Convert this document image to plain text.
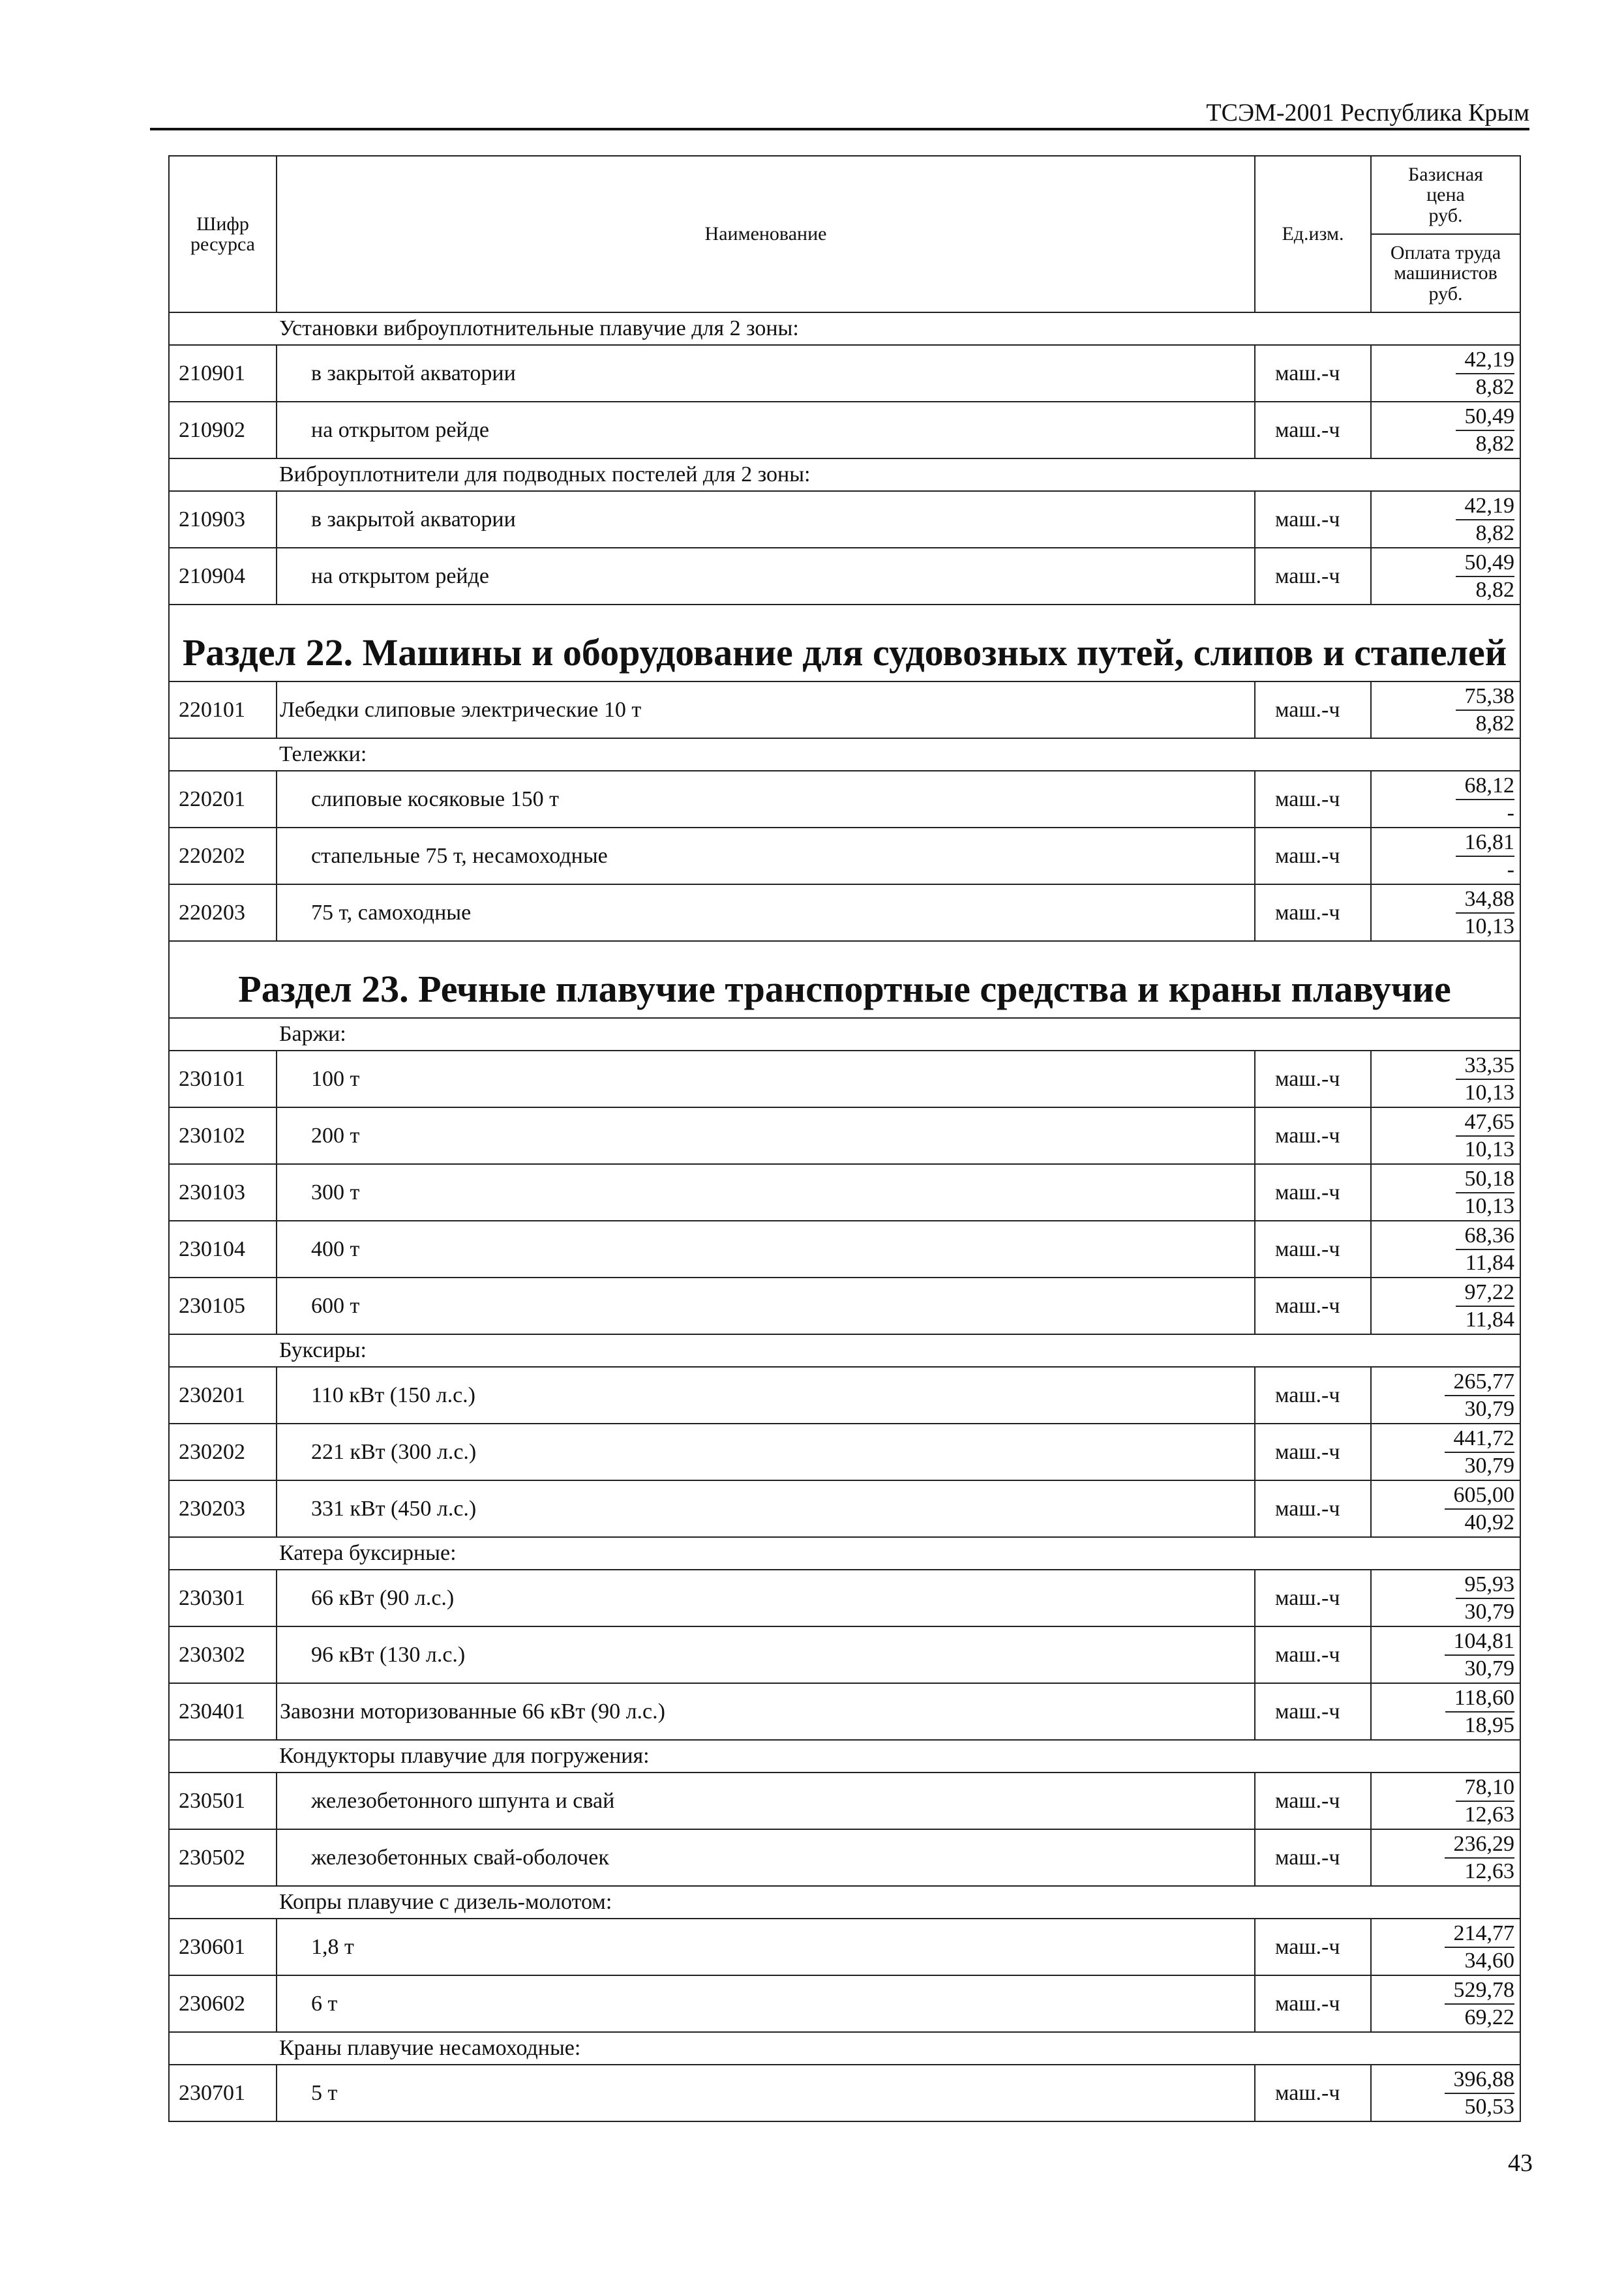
ТСЭМ-2001 Республика Крым
Шифр
ресурса	Наименование	Ед.изм.	Базисная
цена
руб.
			Оплата труда
машинистов
руб.
Установки виброуплотнительные плавучие для 2 зоны:			
210901	в закрытой акватории	маш.-ч	42,19
8,82

210902	на открытом рейде	маш.-ч	50,49
8,82

Виброуплотнители для подводных постелей для 2 зоны:			
210903	в закрытой акватории	маш.-ч	42,19
8,82

210904	на открытом рейде	маш.-ч	50,49
8,82

Раздел 22. Машины и оборудование для судовозных путей, слипов и стапелей			

220101	Лебедки слиповые электрические 10 т	маш.-ч	75,38
8,82

Тележки:			
220201	слиповые косяковые 150 т	маш.-ч	68,12
-

220202	стапельные 75 т, несамоходные	маш.-ч	16,81
-

220203	75 т, самоходные	маш.-ч	34,88
10,13

Раздел 23. Речные плавучие транспортные средства и краны плавучие			

Баржи:			
230101	100 т	маш.-ч	33,35
10,13

230102	200 т	маш.-ч	47,65
10,13

230103	300 т	маш.-ч	50,18
10,13

230104	400 т	маш.-ч	68,36
11,84

230105	600 т	маш.-ч	97,22
11,84

Буксиры:			
230201	110 кВт (150 л.с.)	маш.-ч	265,77
30,79

230202	221 кВт (300 л.с.)	маш.-ч	441,72
30,79

230203	331 кВт (450 л.с.)	маш.-ч	605,00
40,92

Катера буксирные:			
230301	66 кВт (90 л.с.)	маш.-ч	95,93
30,79

230302	96 кВт (130 л.с.)	маш.-ч	104,81
30,79

230401	Завозни моторизованные 66 кВт (90 л.с.)	маш.-ч	118,60
18,95

Кондукторы плавучие для погружения:			
230501	железобетонного шпунта и свай	маш.-ч	78,10
12,63

230502	железобетонных свай-оболочек	маш.-ч	236,29
12,63

Копры плавучие с дизель-молотом:			
230601	1,8 т	маш.-ч	214,77
34,60

230602	6 т	маш.-ч	529,78
69,22

Краны плавучие несамоходные:			
230701	5 т	маш.-ч	396,88
50,53
43
